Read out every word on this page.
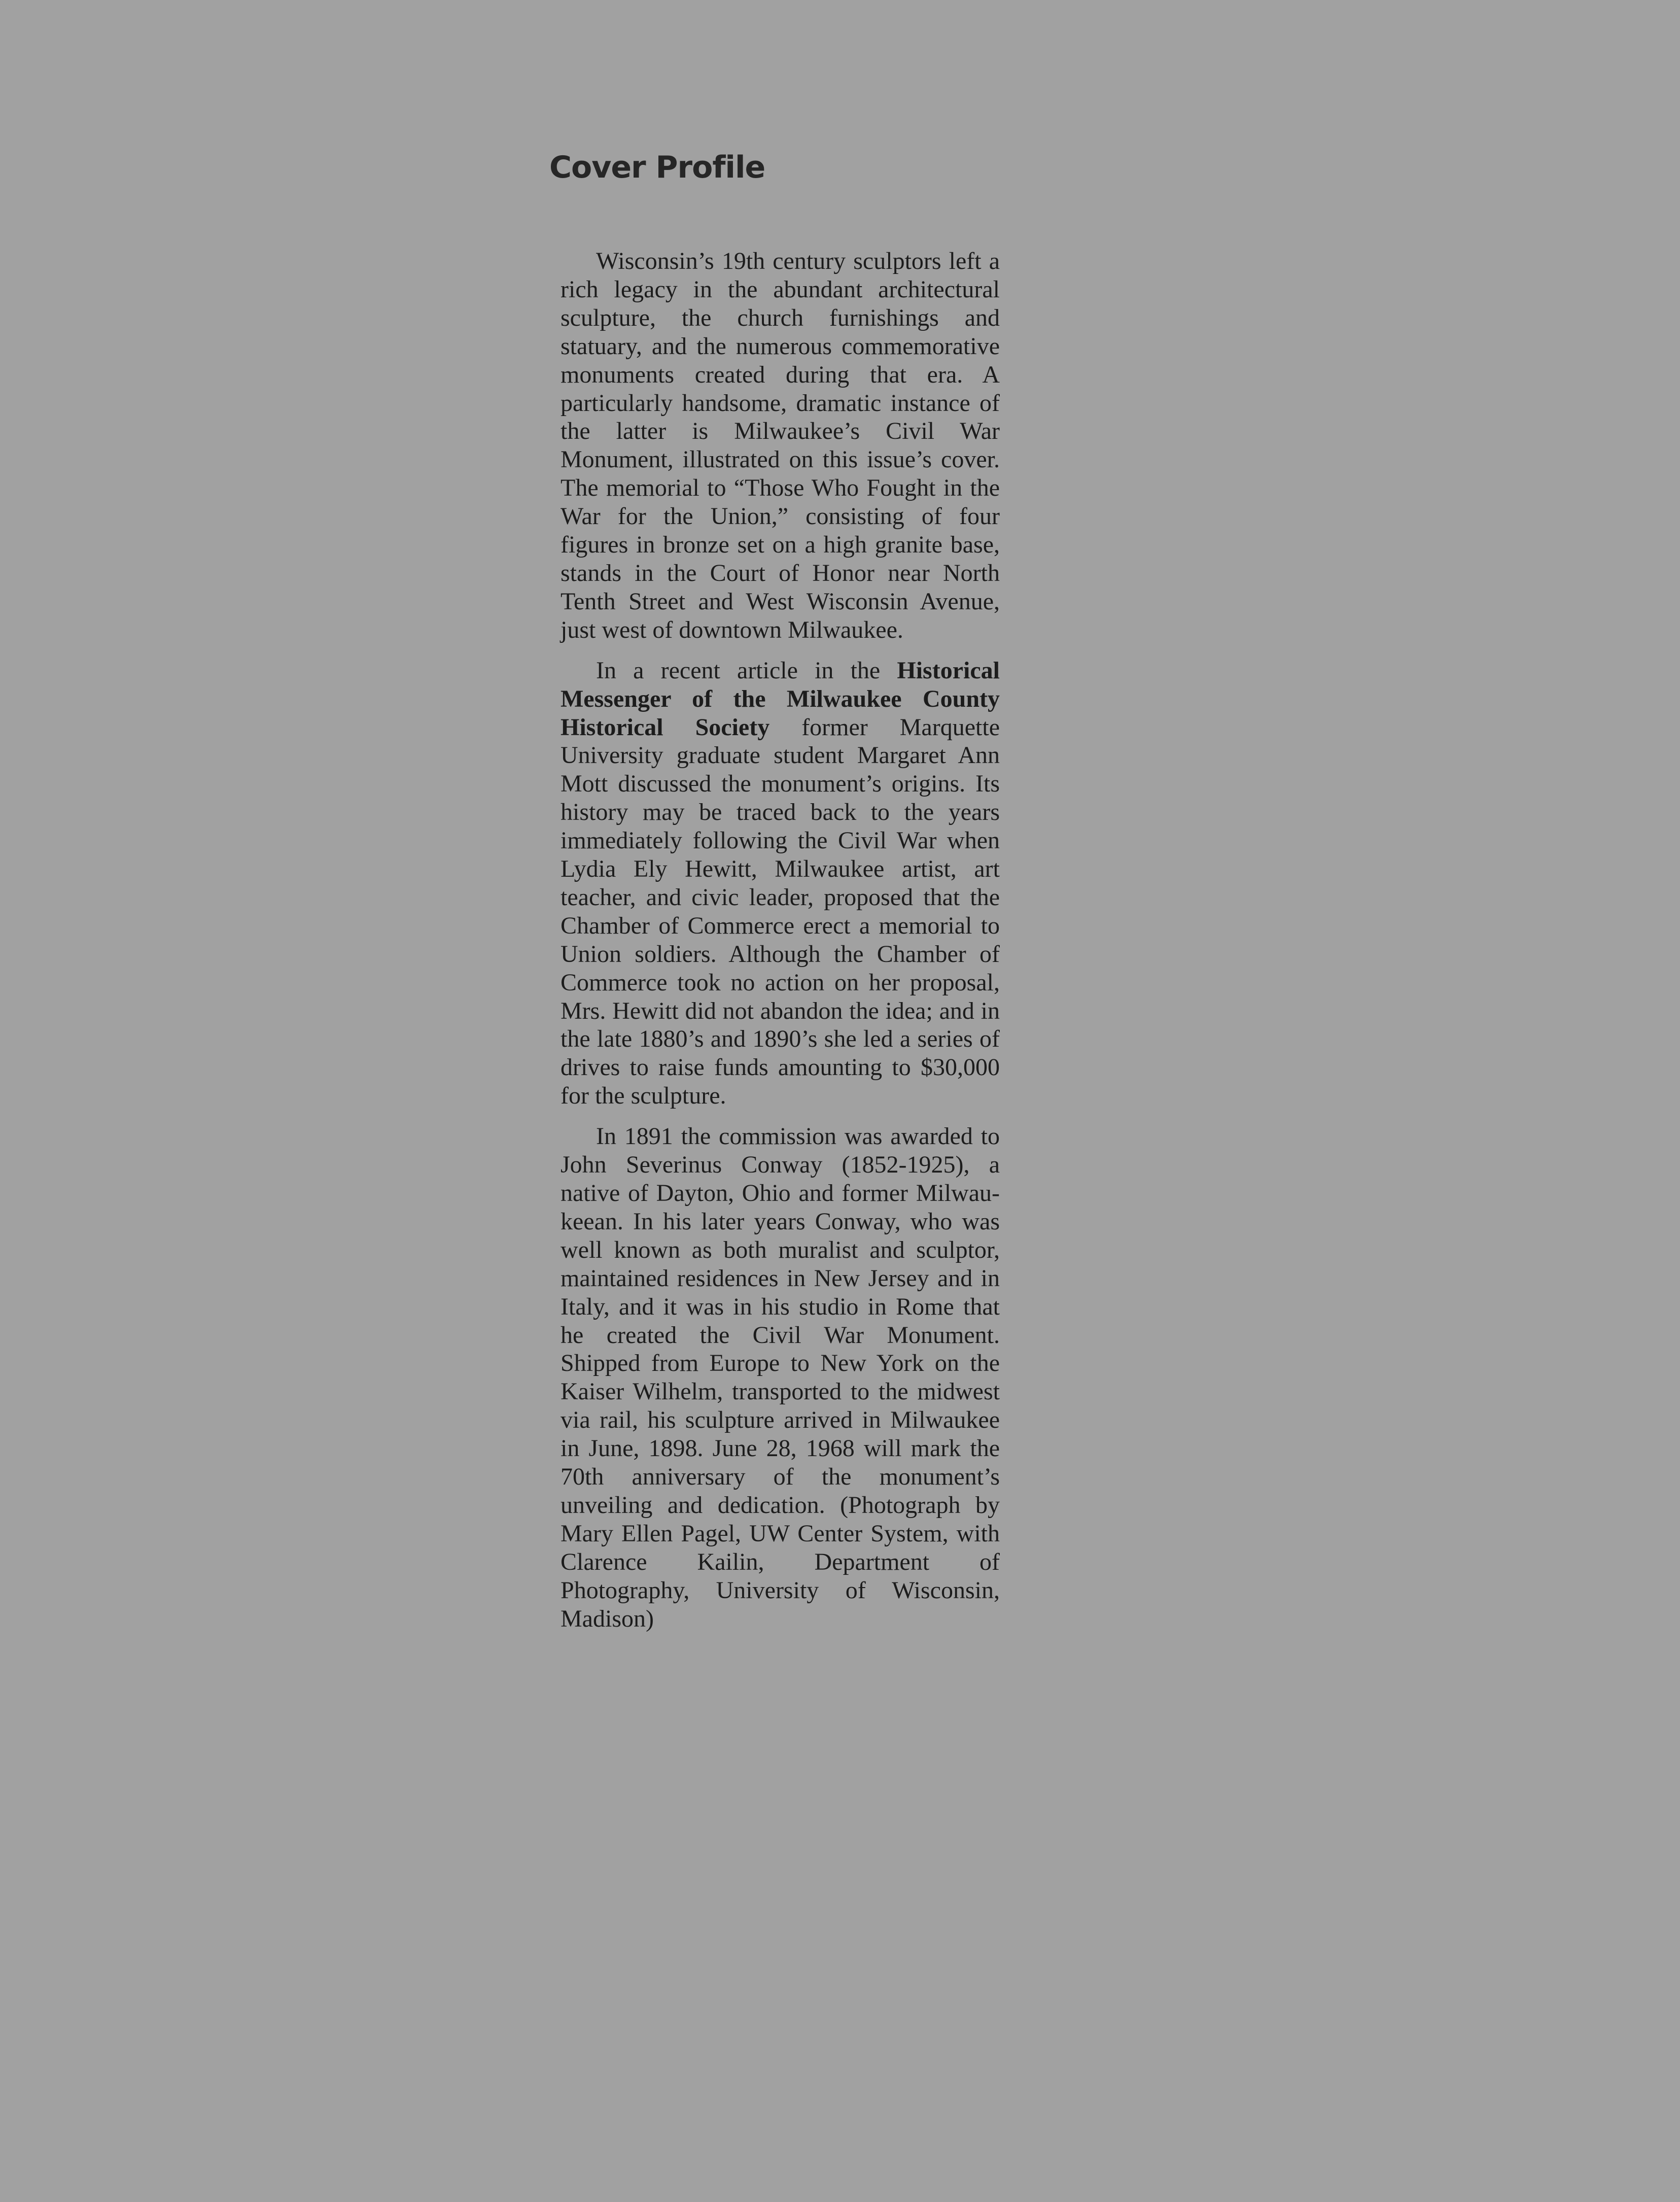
Cover Profile

Wisconsin’s 19th century sculptors left a rich legacy in the abundant architectural sculpture, the church furnishings and statuary, and the numerous commemorative monuments created during that era. A particularly handsome, dramatic instance of the latter is Milwaukee’s Civil War Monument, illustrated on this issue’s cover. The memorial to “Those Who Fought in the War for the Union,” consisting of four figures in bronze set on a high granite base, stands in the Court of Honor near North Tenth Street and West Wisconsin Avenue, just west of downtown Milwaukee.

In a recent article in the Historical Messenger of the Milwaukee County Historical Society former Marquette University graduate student Margaret Ann Mott discussed the monument’s origins. Its history may be traced back to the years immediately following the Civil War when Lydia Ely Hewitt, Milwaukee artist, art teacher, and civic leader, proposed that the Chamber of Commerce erect a memorial to Union soldiers. Although the Chamber of Commerce took no action on her proposal, Mrs. Hewitt did not abandon the idea; and in the late 1880’s and 1890’s she led a series of drives to raise funds amounting to $30,000 for the sculpture.

In 1891 the commission was awarded to John Severinus Conway (1852-1925), a native of Dayton, Ohio and former Milwaukeean. In his later years Conway, who was well known as both muralist and sculptor, maintained residences in New Jersey and in Italy, and it was in his studio in Rome that he created the Civil War Monument. Shipped from Europe to New York on the Kaiser Wilhelm, transported to the midwest via rail, his sculpture arrived in Milwaukee in June, 1898. June 28, 1968 will mark the 70th anniversary of the monument’s unveiling and dedication. (Photograph by Mary Ellen Pagel, UW Center System, with Clarence Kailin, Department of Photography, University of Wisconsin, Madison)
